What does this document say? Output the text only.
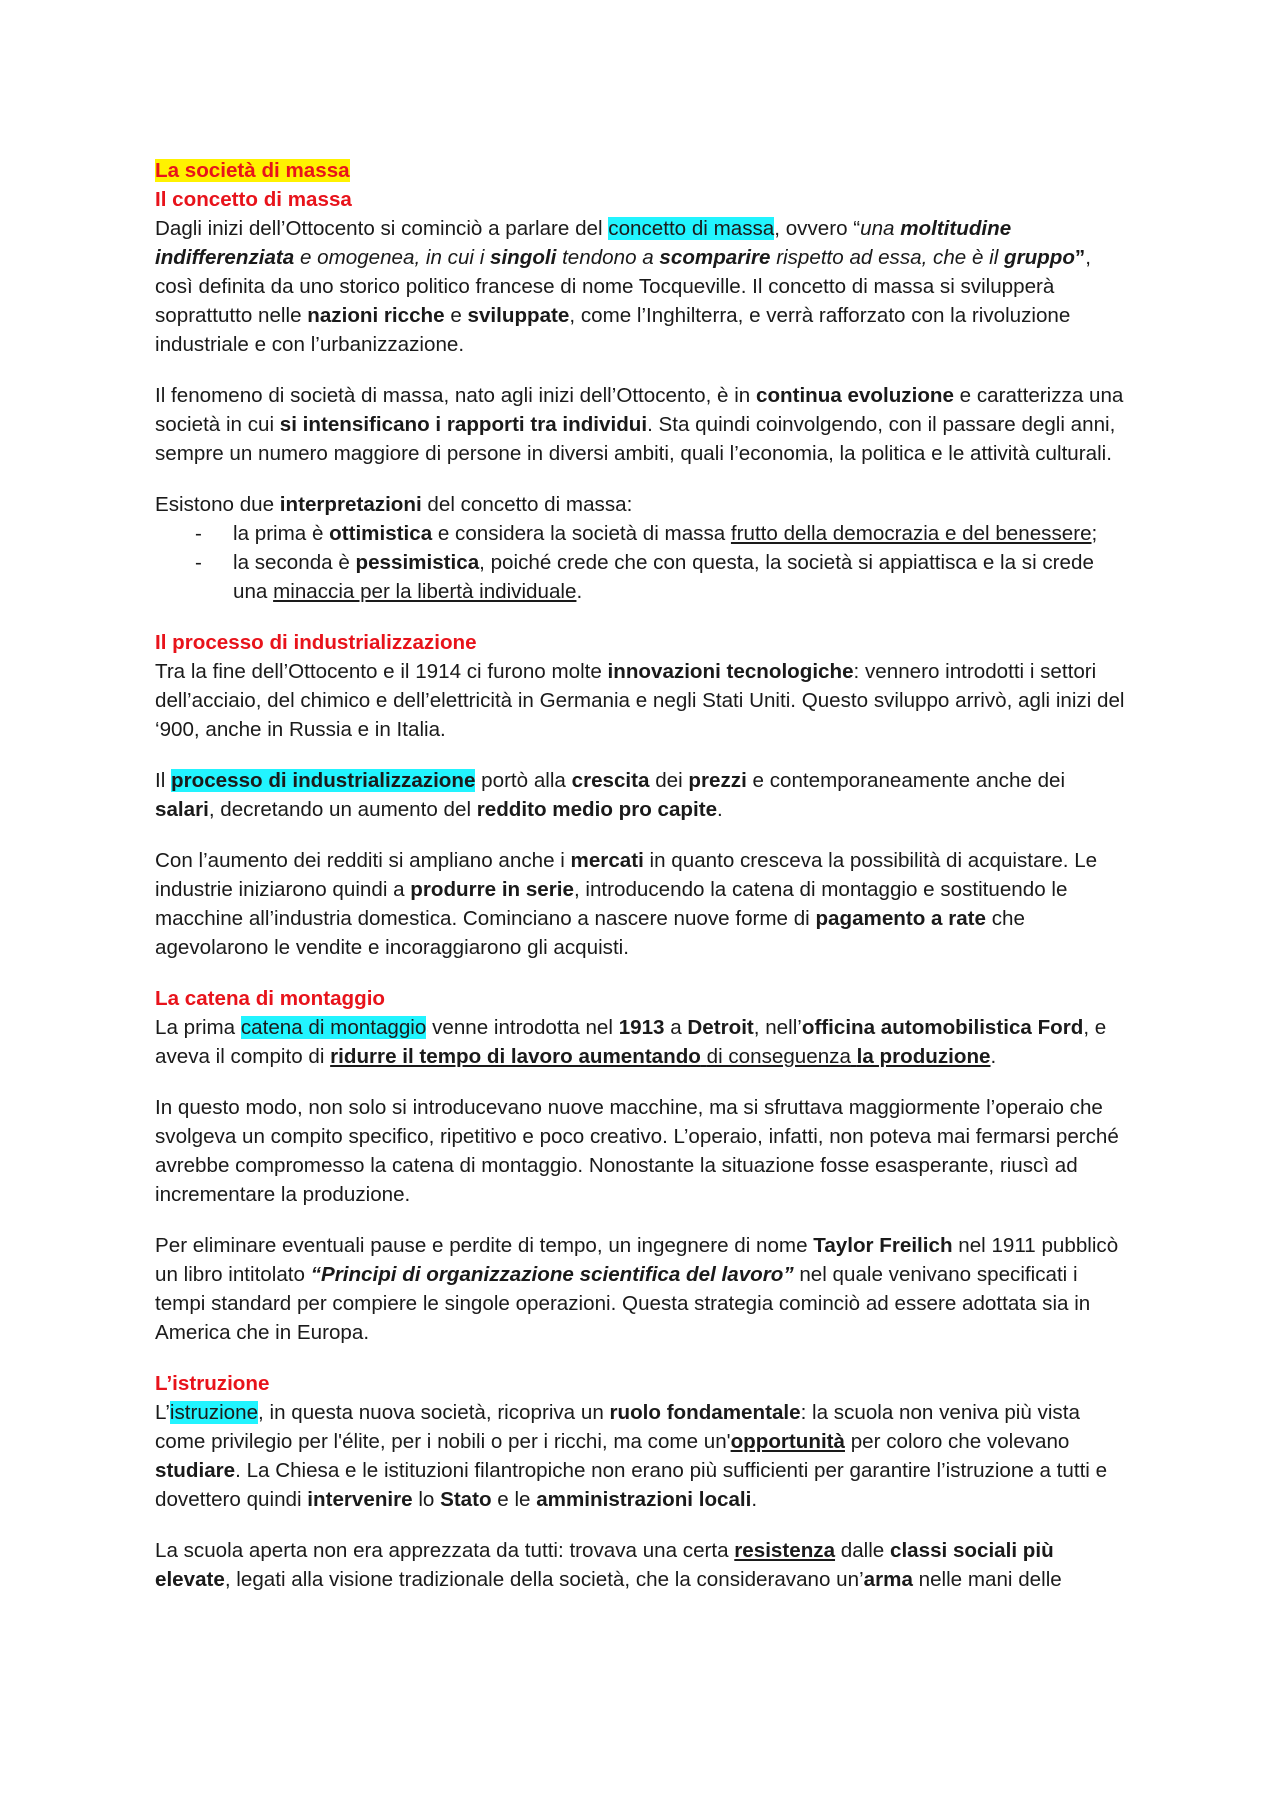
La società di massa

Il concetto di massa

Dagli inizi dell’Ottocento si cominciò a parlare del concetto di massa, ovvero “una moltitudine indifferenziata e omogenea, in cui i singoli tendono a scomparire rispetto ad essa, che è il gruppo”, così definita da uno storico politico francese di nome Tocqueville. Il concetto di massa si svilupperà soprattutto nelle nazioni ricche e sviluppate, come l’Inghilterra, e verrà rafforzato con la rivoluzione industriale e con l’urbanizzazione.

Il fenomeno di società di massa, nato agli inizi dell’Ottocento, è in continua evoluzione e caratterizza una società in cui si intensificano i rapporti tra individui. Sta quindi coinvolgendo, con il passare degli anni, sempre un numero maggiore di persone in diversi ambiti, quali l’economia, la politica e le attività culturali.

Esistono due interpretazioni del concetto di massa:

- la prima è ottimistica e considera la società di massa frutto della democrazia e del benessere;
- la seconda è pessimistica, poiché crede che con questa, la società si appiattisca e la si crede una minaccia per la libertà individuale.

Il processo di industrializzazione

Tra la fine dell’Ottocento e il 1914 ci furono molte innovazioni tecnologiche: vennero introdotti i settori dell’acciaio, del chimico e dell’elettricità in Germania e negli Stati Uniti. Questo sviluppo arrivò, agli inizi del ‘900, anche in Russia e in Italia.

Il processo di industrializzazione portò alla crescita dei prezzi e contemporaneamente anche dei salari, decretando un aumento del reddito medio pro capite.

Con l’aumento dei redditi si ampliano anche i mercati in quanto cresceva la possibilità di acquistare. Le industrie iniziarono quindi a produrre in serie, introducendo la catena di montaggio e sostituendo le macchine all’industria domestica. Cominciano a nascere nuove forme di pagamento a rate che agevolarono le vendite e incoraggiarono gli acquisti.

La catena di montaggio

La prima catena di montaggio venne introdotta nel 1913 a Detroit, nell’officina automobilistica Ford, e aveva il compito di ridurre il tempo di lavoro aumentando di conseguenza la produzione.

In questo modo, non solo si introducevano nuove macchine, ma si sfruttava maggiormente l’operaio che svolgeva un compito specifico, ripetitivo e poco creativo. L’operaio, infatti, non poteva mai fermarsi perché avrebbe compromesso la catena di montaggio. Nonostante la situazione fosse esasperante, riuscì ad incrementare la produzione.

Per eliminare eventuali pause e perdite di tempo, un ingegnere di nome Taylor Freilich nel 1911 pubblicò un libro intitolato “Principi di organizzazione scientifica del lavoro” nel quale venivano specificati i tempi standard per compiere le singole operazioni. Questa strategia cominciò ad essere adottata sia in America che in Europa.

L’istruzione

L’istruzione, in questa nuova società, ricopriva un ruolo fondamentale: la scuola non veniva più vista come privilegio per l'élite, per i nobili o per i ricchi, ma come un'opportunità per coloro che volevano studiare. La Chiesa e le istituzioni filantropiche non erano più sufficienti per garantire l’istruzione a tutti e dovettero quindi intervenire lo Stato e le amministrazioni locali.

La scuola aperta non era apprezzata da tutti: trovava una certa resistenza dalle classi sociali più elevate, legati alla visione tradizionale della società, che la consideravano un’arma nelle mani delle
